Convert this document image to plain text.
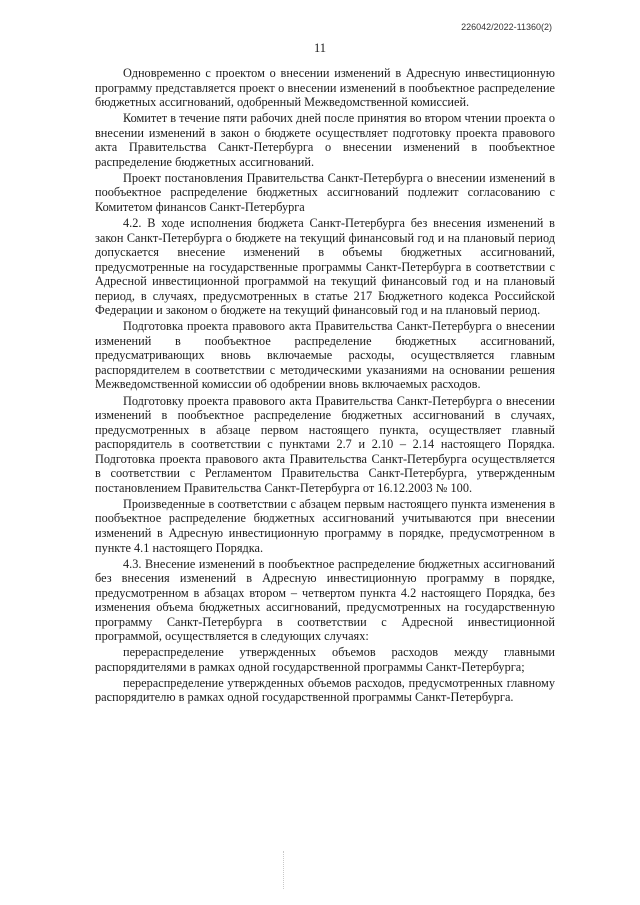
226042/2022-11360(2)
11

Одновременно с проектом о внесении изменений в Адресную инвестиционную программу представляется проект о внесении изменений в пообъектное распределение бюджетных ассигнований, одобренный Межведомственной комиссией.

Комитет в течение пяти рабочих дней после принятия во втором чтении проекта о внесении изменений в закон о бюджете осуществляет подготовку проекта правового акта Правительства Санкт-Петербурга о внесении изменений в пообъектное распределение бюджетных ассигнований.

Проект постановления Правительства Санкт-Петербурга о внесении изменений в пообъектное распределение бюджетных ассигнований подлежит согласованию с Комитетом финансов Санкт-Петербурга

4.2. В ходе исполнения бюджета Санкт-Петербурга без внесения изменений в закон Санкт-Петербурга о бюджете на текущий финансовый год и на плановый период допускается внесение изменений в объемы бюджетных ассигнований, предусмотренные на государственные программы Санкт-Петербурга в соответствии с Адресной инвестиционной программой на текущий финансовый год и на плановый период, в случаях, предусмотренных в статье 217 Бюджетного кодекса Российской Федерации и законом о бюджете на текущий финансовый год и на плановый период.

Подготовка проекта правового акта Правительства Санкт-Петербурга о внесении изменений в пообъектное распределение бюджетных ассигнований, предусматривающих вновь включаемые расходы, осуществляется главным распорядителем в соответствии с методическими указаниями на основании решения Межведомственной комиссии об одобрении вновь включаемых расходов.

Подготовку проекта правового акта Правительства Санкт-Петербурга о внесении изменений в пообъектное распределение бюджетных ассигнований в случаях, предусмотренных в абзаце первом настоящего пункта, осуществляет главный распорядитель в соответствии с пунктами 2.7 и 2.10 – 2.14 настоящего Порядка. Подготовка проекта правового акта Правительства Санкт-Петербурга осуществляется в соответствии с Регламентом Правительства Санкт-Петербурга, утвержденным постановлением Правительства Санкт-Петербурга от 16.12.2003 № 100.

Произведенные в соответствии с абзацем первым настоящего пункта изменения в пообъектное распределение бюджетных ассигнований учитываются при внесении изменений в Адресную инвестиционную программу в порядке, предусмотренном в пункте 4.1 настоящего Порядка.

4.3. Внесение изменений в пообъектное распределение бюджетных ассигнований без внесения изменений в Адресную инвестиционную программу в порядке, предусмотренном в абзацах втором – четвертом пункта 4.2 настоящего Порядка, без изменения объема бюджетных ассигнований, предусмотренных на государственную программу Санкт-Петербурга в соответствии с Адресной инвестиционной программой, осуществляется в следующих случаях:

перераспределение утвержденных объемов расходов между главными распорядителями в рамках одной государственной программы Санкт-Петербурга;

перераспределение утвержденных объемов расходов, предусмотренных главному распорядителю в рамках одной государственной программы Санкт-Петербурга.
